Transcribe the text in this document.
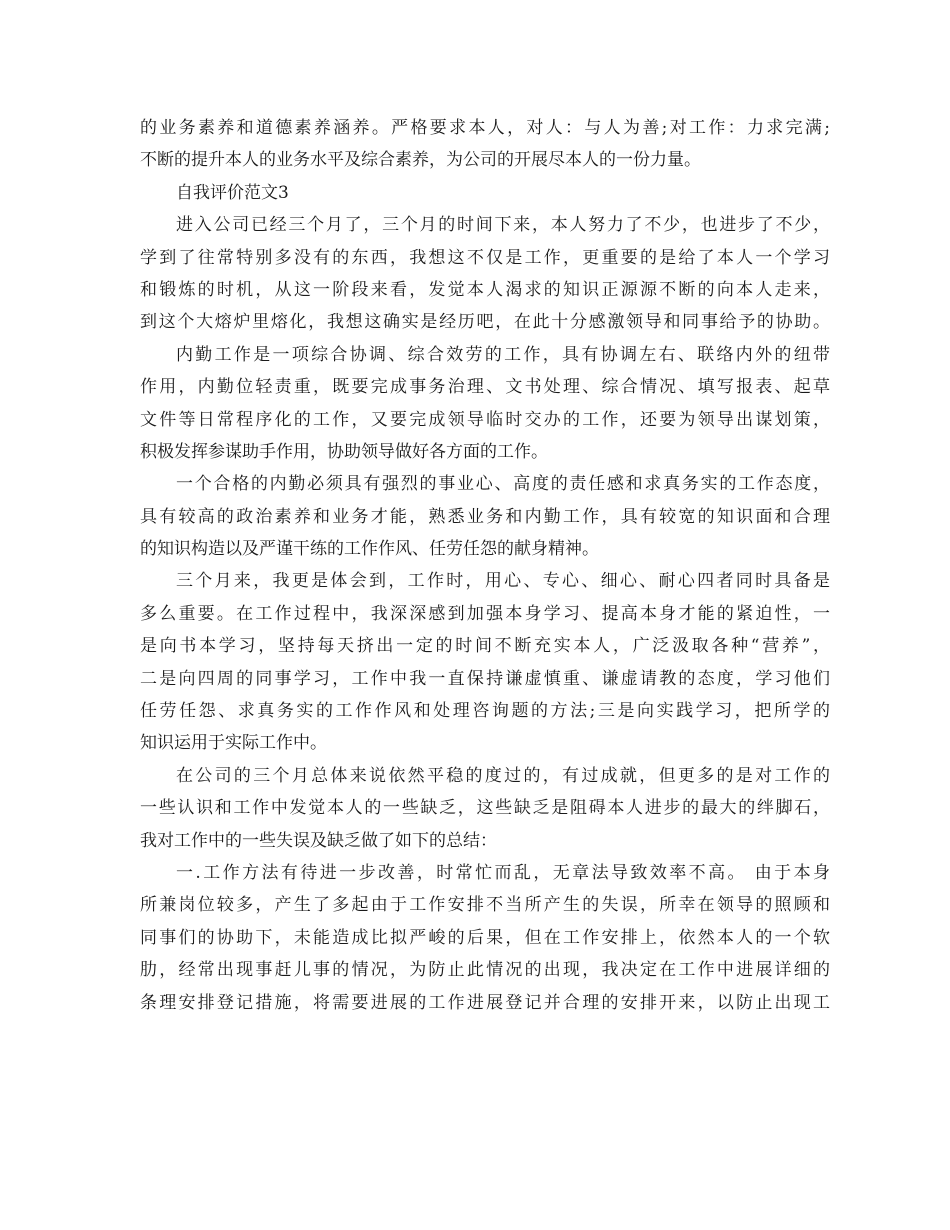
的业务素养和道德素养涵养。严格要求本人，对人：与人为善;对工作：力求完满;
不断的提升本人的业务水平及综合素养，为公司的开展尽本人的一份力量。
自我评价范文3
进入公司已经三个月了，三个月的时间下来，本人努力了不少，也进步了不少，
学到了往常特别多没有的东西，我想这不仅是工作，更重要的是给了本人一个学习
和锻炼的时机，从这一阶段来看，发觉本人渴求的知识正源源不断的向本人走来，
到这个大熔炉里熔化，我想这确实是经历吧，在此十分感激领导和同事给予的协助。
内勤工作是一项综合协调、综合效劳的工作，具有协调左右、联络内外的纽带
作用，内勤位轻责重，既要完成事务治理、文书处理、综合情况、填写报表、起草
文件等日常程序化的工作，又要完成领导临时交办的工作，还要为领导出谋划策，
积极发挥参谋助手作用，协助领导做好各方面的工作。
一个合格的内勤必须具有强烈的事业心、高度的责任感和求真务实的工作态度，
具有较高的政治素养和业务才能，熟悉业务和内勤工作，具有较宽的知识面和合理
的知识构造以及严谨干练的工作作风、任劳任怨的献身精神。
三个月来，我更是体会到，工作时，用心、专心、细心、耐心四者同时具备是
多么重要。在工作过程中，我深深感到加强本身学习、提高本身才能的紧迫性，一
是向书本学习，坚持每天挤出一定的时间不断充实本人，广泛汲取各种“营养”，
二是向四周的同事学习，工作中我一直保持谦虚慎重、谦虚请教的态度，学习他们
任劳任怨、求真务实的工作作风和处理咨询题的方法;三是向实践学习，把所学的
知识运用于实际工作中。
在公司的三个月总体来说依然平稳的度过的，有过成就，但更多的是对工作的
一些认识和工作中发觉本人的一些缺乏，这些缺乏是阻碍本人进步的最大的绊脚石，
我对工作中的一些失误及缺乏做了如下的总结：
一.工作方法有待进一步改善，时常忙而乱，无章法导致效率不高。 由于本身
所兼岗位较多，产生了多起由于工作安排不当所产生的失误，所幸在领导的照顾和
同事们的协助下，未能造成比拟严峻的后果，但在工作安排上，依然本人的一个软
肋，经常出现事赶儿事的情况，为防止此情况的出现，我决定在工作中进展详细的
条理安排登记措施，将需要进展的工作进展登记并合理的安排开来，以防止出现工
